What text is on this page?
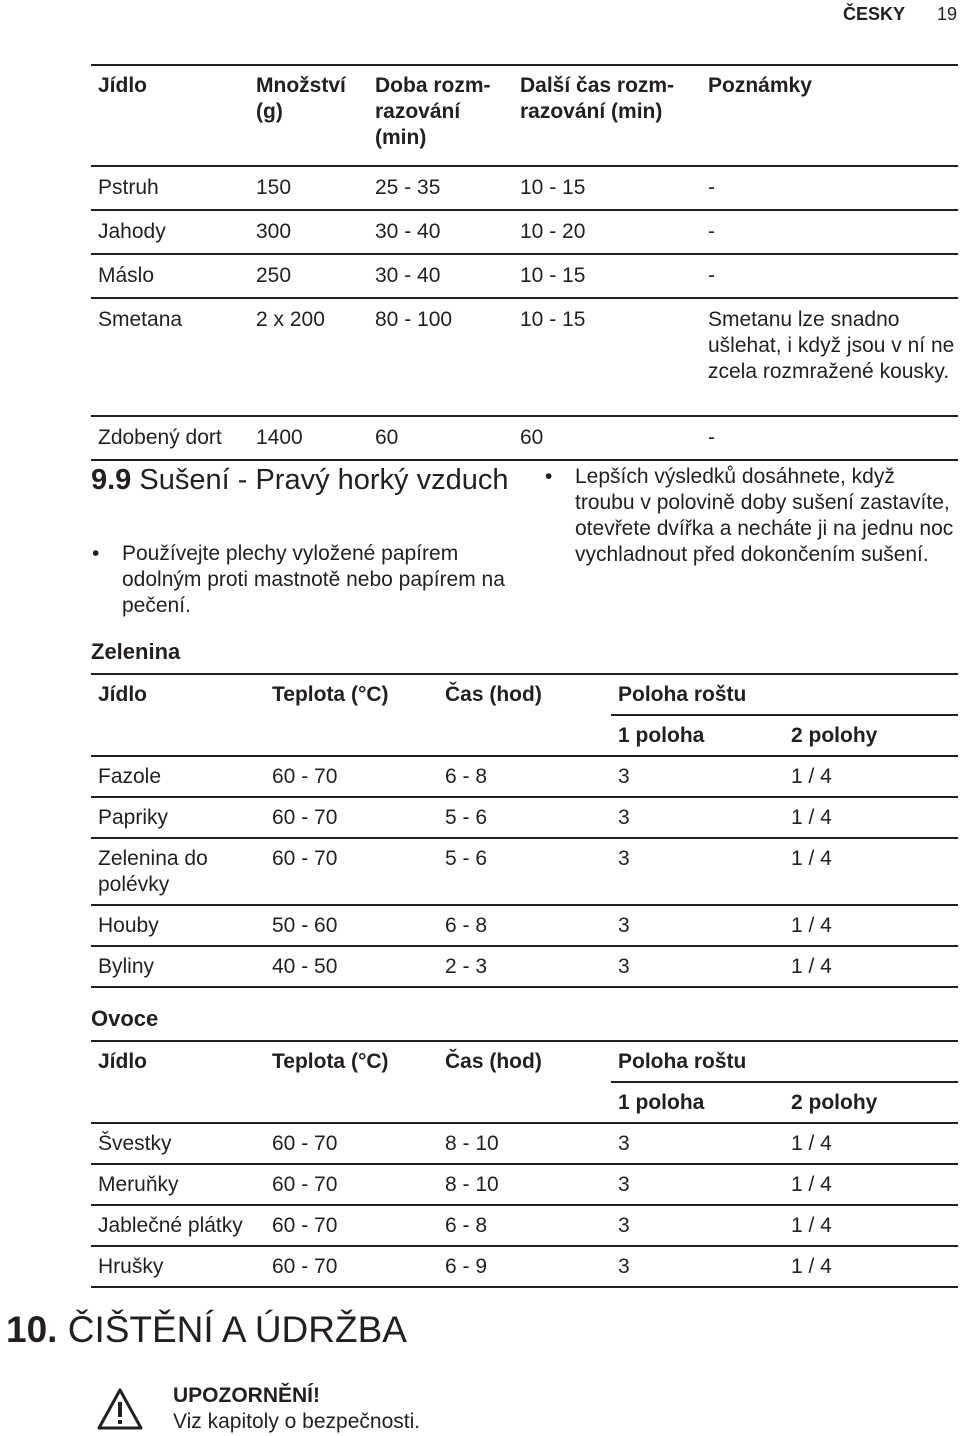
ČESKY 19
Jídlo	Množství (g)	Doba rozm-razování (min)	Další čas rozm-razování (min)	Poznámky
Pstruh	150	25 - 35	10 - 15	-
Jahody	300	30 - 40	10 - 20	-
Máslo	250	30 - 40	10 - 15	-
Smetana	2 x 200	80 - 100	10 - 15	Smetanu lze snadno ušlehat, i když jsou v ní ne zcela rozmražené kousky.
Zdobený dort	1400	60	60	-
9.9 Sušení - Pravý horký vzduch
• Používejte plechy vyložené papírem odolným proti mastnotě nebo papírem na pečení.
• Lepších výsledků dosáhnete, když troubu v polovině doby sušení zastavíte, otevřete dvířka a necháte ji na jednu noc vychladnout před dokončením sušení.
Zelenina
Jídlo	Teplota (°C)	Čas (hod)	Poloha roštu	
			1 poloha	2 polohy
Fazole	60 - 70	6 - 8	3	1 / 4
Papriky	60 - 70	5 - 6	3	1 / 4
Zelenina do polévky	60 - 70	5 - 6	3	1 / 4
Houby	50 - 60	6 - 8	3	1 / 4
Byliny	40 - 50	2 - 3	3	1 / 4
Ovoce
Jídlo	Teplota (°C)	Čas (hod)	Poloha roštu	
			1 poloha	2 polohy
Švestky	60 - 70	8 - 10	3	1 / 4
Meruňky	60 - 70	8 - 10	3	1 / 4
Jablečné plátky	60 - 70	6 - 8	3	1 / 4
Hrušky	60 - 70	6 - 9	3	1 / 4
10. ČIŠTĚNÍ A ÚDRŽBA
UPOZORNĚNÍ!
Viz kapitoly o bezpečnosti.
